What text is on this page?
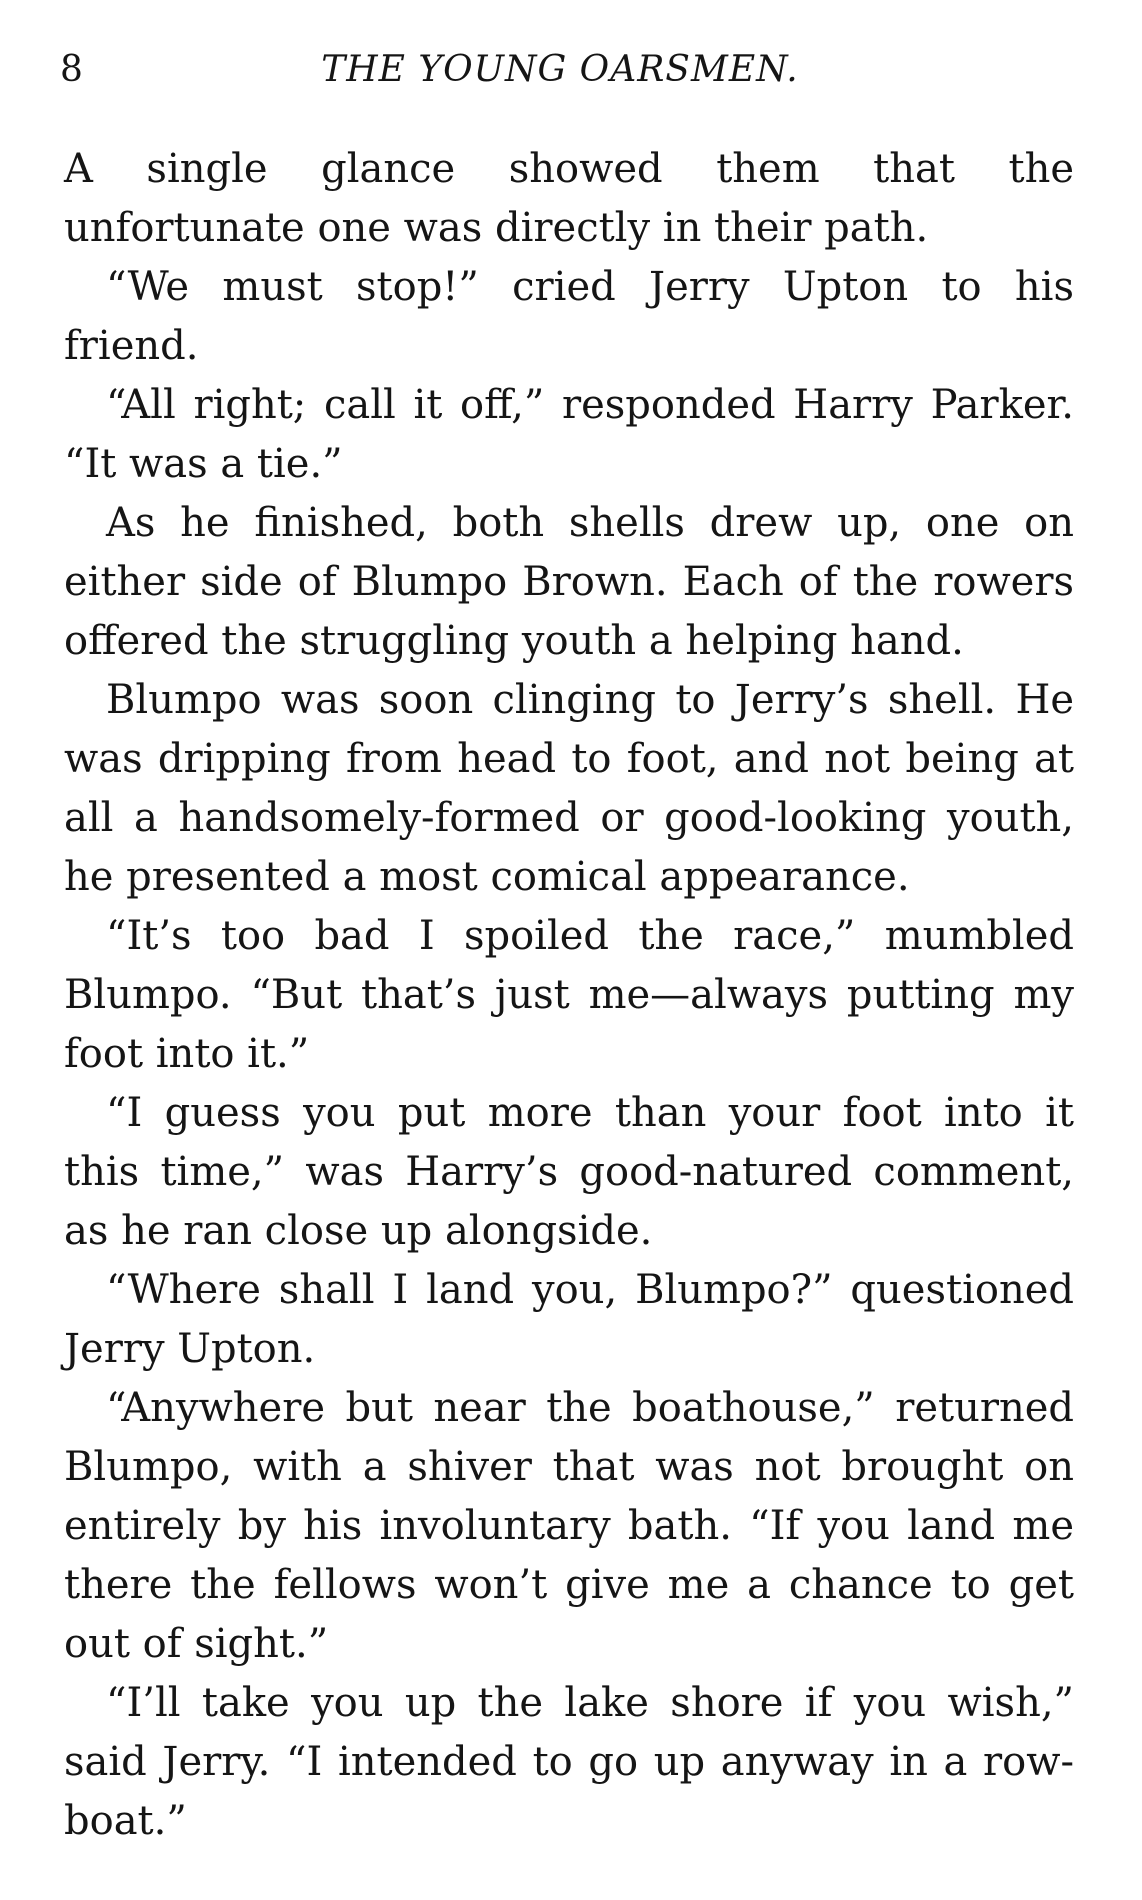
8	THE YOUNG OARSMEN.

A single glance showed them that the unfortunate one was directly in their path.

“We must stop!” cried Jerry Upton to his friend.

“All right; call it off,” responded Harry Parker. “It was a tie.”

As he finished, both shells drew up, one on either side of Blumpo Brown. Each of the rowers offered the struggling youth a helping hand.

Blumpo was soon clinging to Jerry’s shell. He was dripping from head to foot, and not being at all a handsomely-formed or good-looking youth, he presented a most comical appearance.

“It’s too bad I spoiled the race,” mumbled Blumpo. “But that’s just me—always putting my foot into it.”

“I guess you put more than your foot into it this time,” was Harry’s good-natured comment, as he ran close up alongside.

“Where shall I land you, Blumpo?” questioned Jerry Upton.

“Anywhere but near the boathouse,” returned Blumpo, with a shiver that was not brought on entirely by his involuntary bath. “If you land me there the fellows won’t give me a chance to get out of sight.”

“I’ll take you up the lake shore if you wish,” said Jerry. “I intended to go up anyway in a row-boat.”
